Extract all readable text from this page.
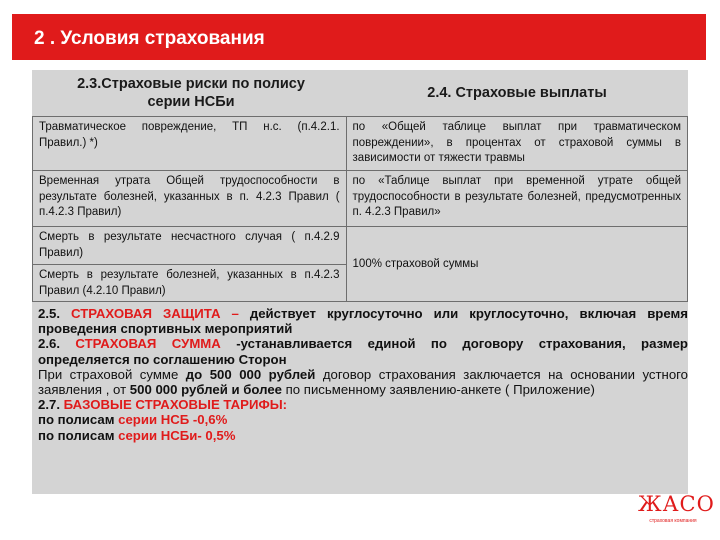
2 . Условия страхования
2.3.Страховые риски по полису серии НСБи
2.4. Страховые выплаты
Травматическое повреждение, ТП н.с. (п.4.2.1. Правил.) *)	по «Общей таблице выплат при травматическом повреждении», в процентах от страховой суммы в зависимости от тяжести травмы
Временная утрата Общей трудоспособности в результате болезней, указанных в п. 4.2.3 Правил ( п.4.2.3 Правил)	по «Таблице выплат при временной утрате общей трудоспособности в результате болезней, предусмотренных п. 4.2.3 Правил»
Смерть в результате несчастного случая ( п.4.2.9 Правил)	100% страховой суммы
Смерть в результате болезней, указанных в п.4.2.3 Правил (4.2.10 Правил)	

2.5. СТРАХОВАЯ ЗАЩИТА – действует круглосуточно или круглосуточно, включая время проведения спортивных мероприятий

2.6. СТРАХОВАЯ СУММА -устанавливается единой по договору страхования, размер определяется по соглашению Сторон

При страховой сумме до 500 000 рублей договор страхования заключается на основании устного заявления , от 500 000 рублей и более по письменному заявлению-анкете ( Приложение)

2.7. БАЗОВЫЕ СТРАХОВЫЕ ТАРИФЫ:

по полисам серии НСБ -0,6%

по полисам серии НСБи- 0,5%

ЖАСО
страховая компания
